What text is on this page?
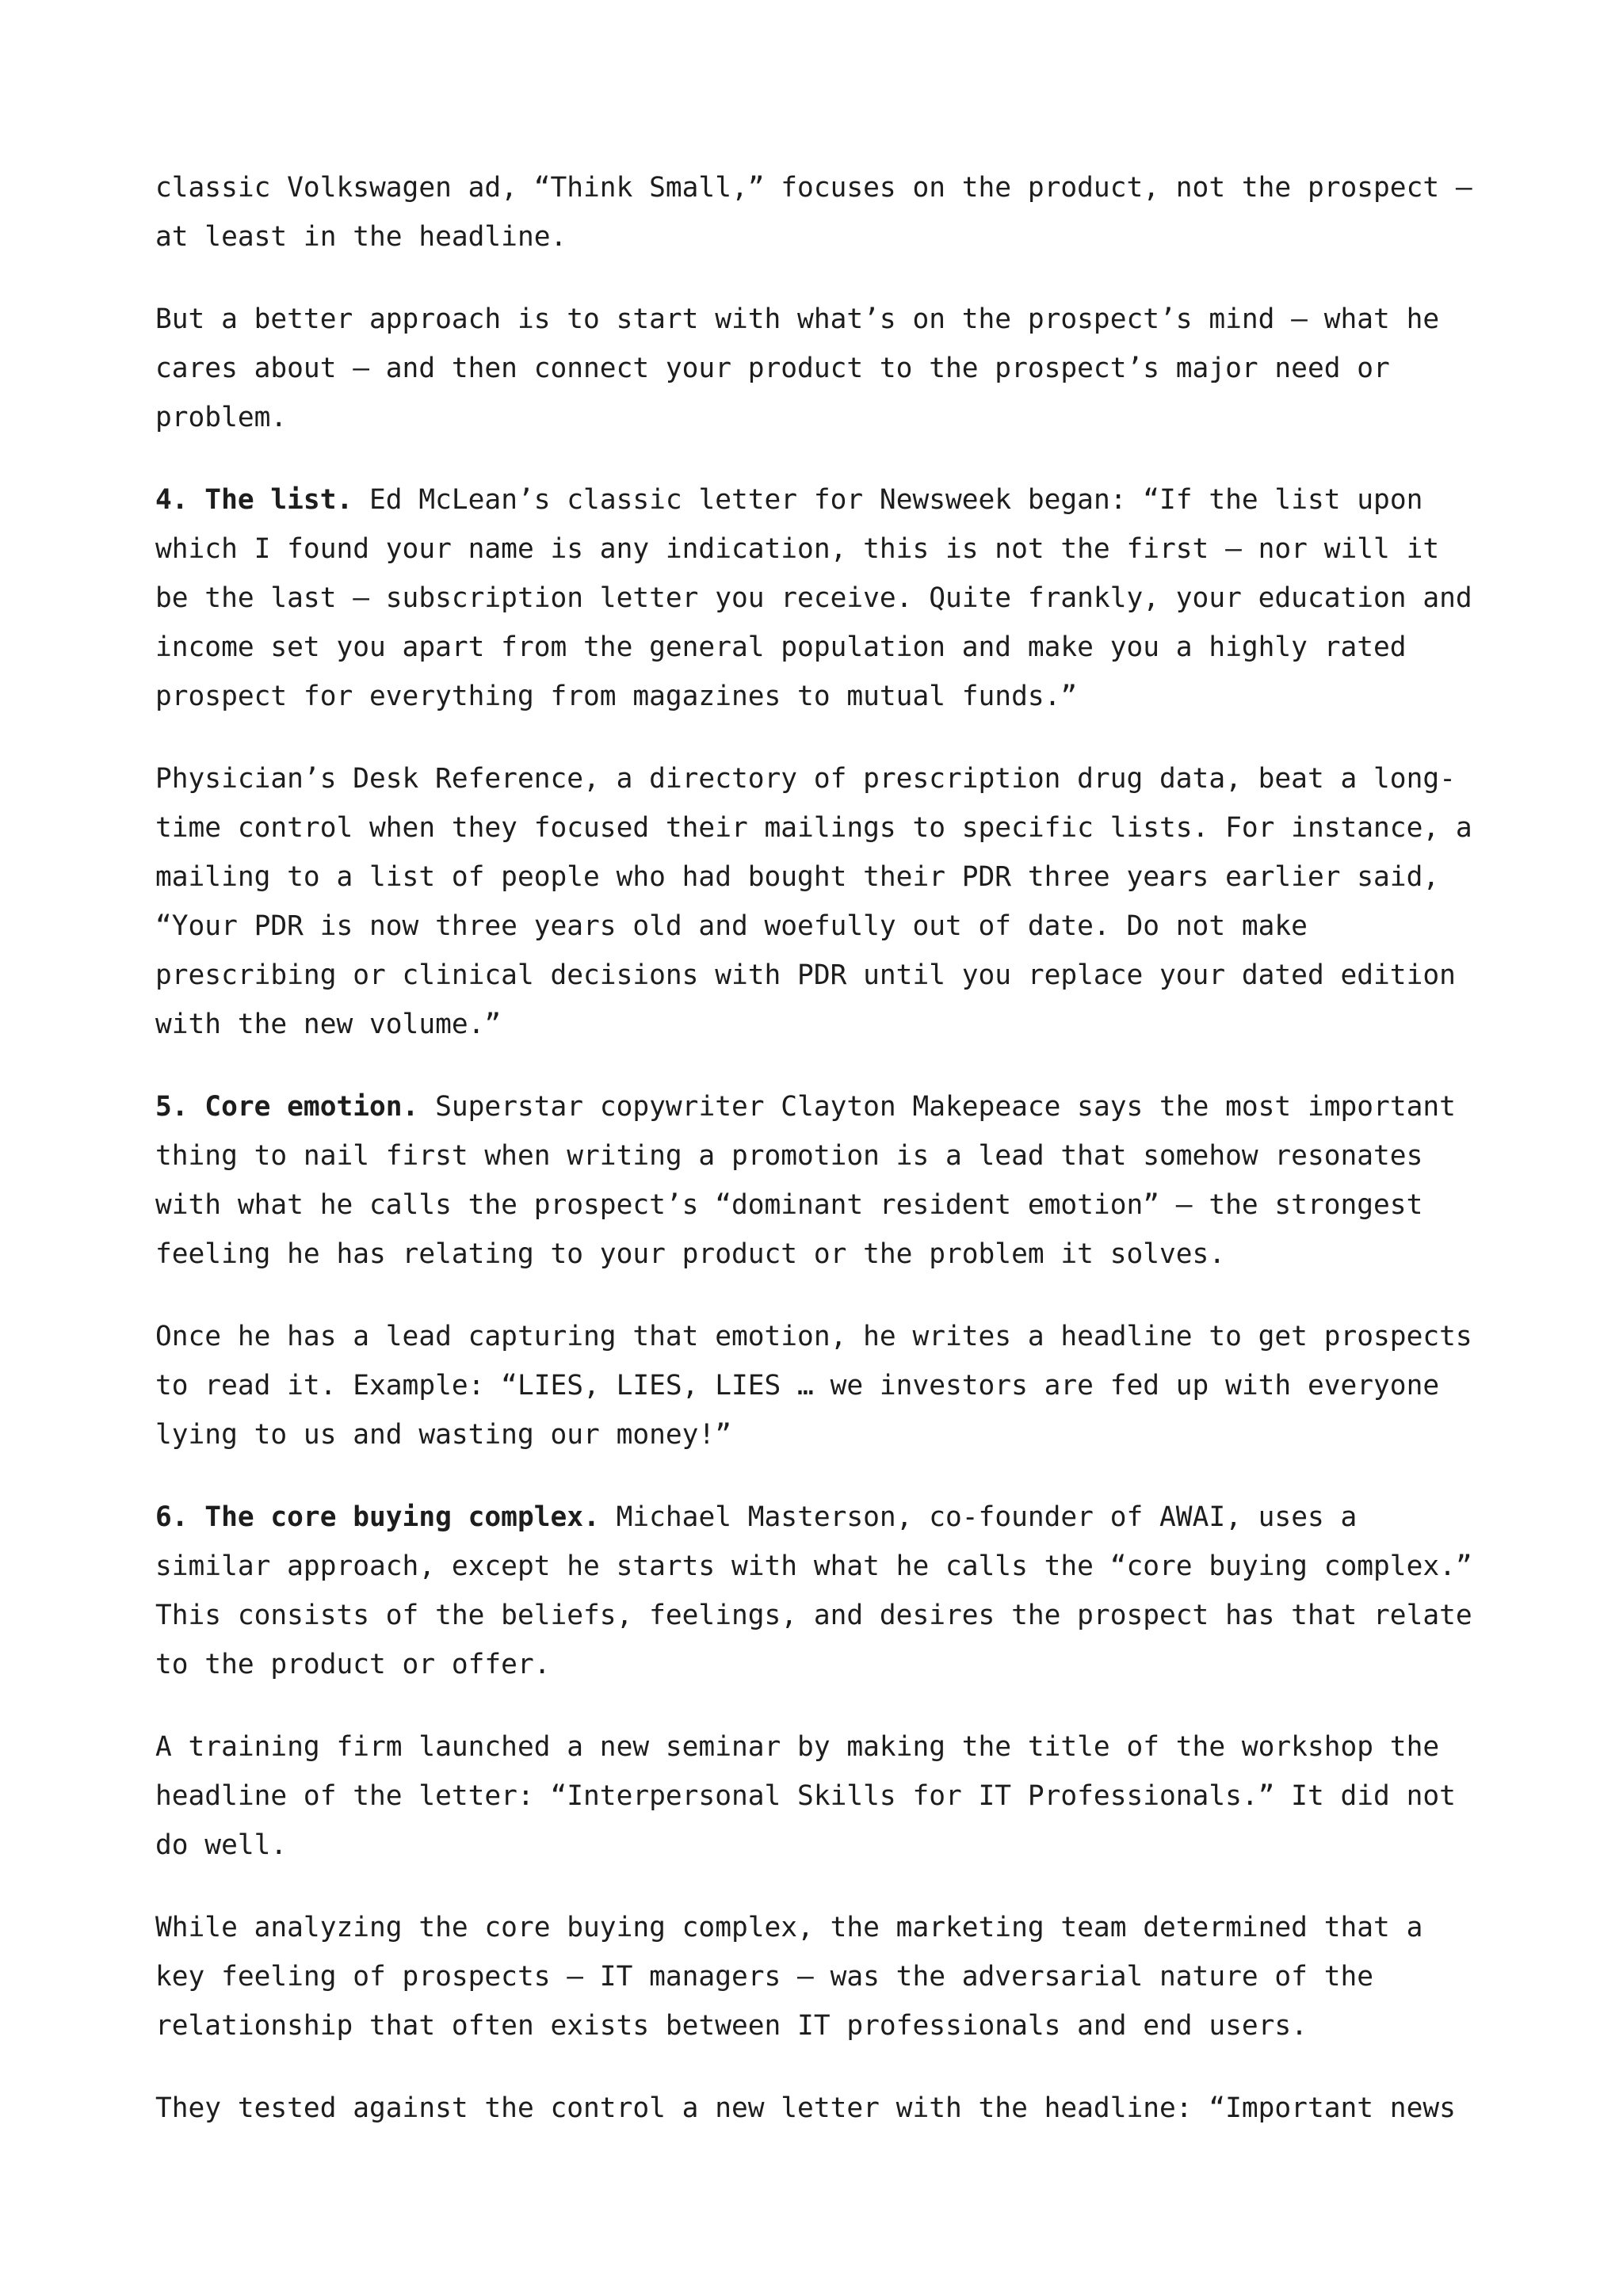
classic Volkswagen ad, “Think Small,” focuses on the product, not the prospect — at least in the headline.

But a better approach is to start with what’s on the prospect’s mind — what he cares about — and then connect your product to the prospect’s major need or problem.

4. The list. Ed McLean’s classic letter for Newsweek began: “If the list upon which I found your name is any indication, this is not the first — nor will it be the last — subscription letter you receive. Quite frankly, your education and income set you apart from the general population and make you a highly rated prospect for everything from magazines to mutual funds.”

Physician’s Desk Reference, a directory of prescription drug data, beat a long-time control when they focused their mailings to specific lists. For instance, a mailing to a list of people who had bought their PDR three years earlier said, “Your PDR is now three years old and woefully out of date. Do not make prescribing or clinical decisions with PDR until you replace your dated edition with the new volume.”

5. Core emotion. Superstar copywriter Clayton Makepeace says the most important thing to nail first when writing a promotion is a lead that somehow resonates with what he calls the prospect’s “dominant resident emotion” — the strongest feeling he has relating to your product or the problem it solves.

Once he has a lead capturing that emotion, he writes a headline to get prospects to read it. Example: “LIES, LIES, LIES … we investors are fed up with everyone lying to us and wasting our money!”

6. The core buying complex. Michael Masterson, co-founder of AWAI, uses a similar approach, except he starts with what he calls the “core buying complex.” This consists of the beliefs, feelings, and desires the prospect has that relate to the product or offer.

A training firm launched a new seminar by making the title of the workshop the headline of the letter: “Interpersonal Skills for IT Professionals.” It did not do well.

While analyzing the core buying complex, the marketing team determined that a key feeling of prospects — IT managers — was the adversarial nature of the relationship that often exists between IT professionals and end users.

They tested against the control a new letter with the headline: “Important news
